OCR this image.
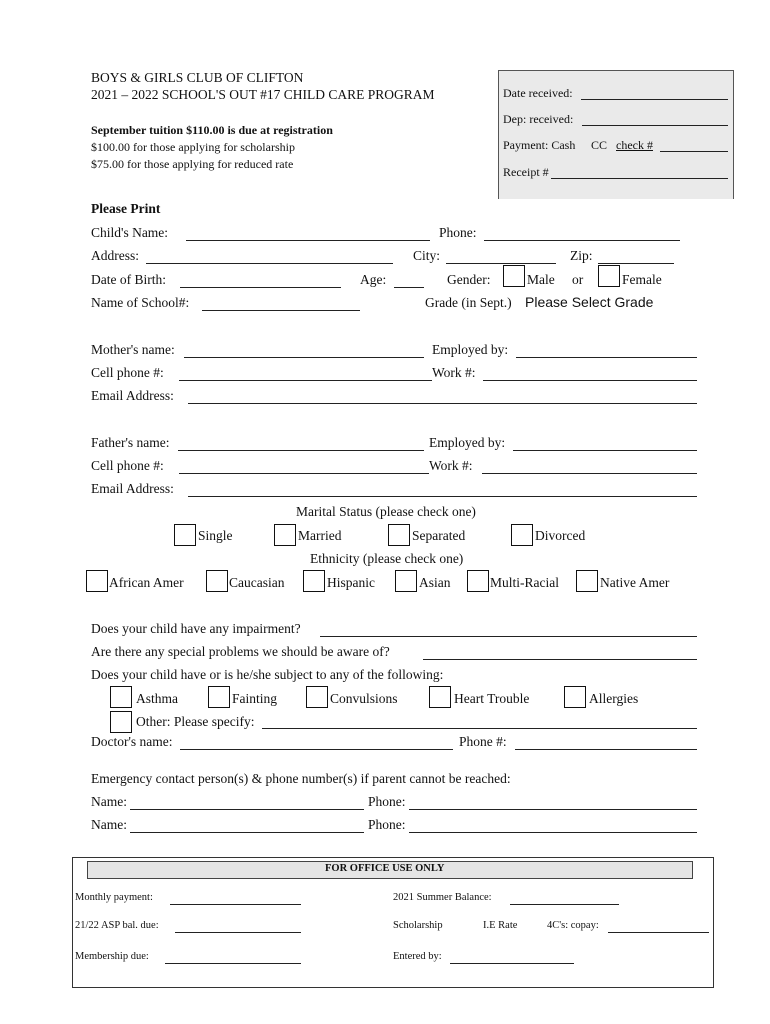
BOYS & GIRLS CLUB OF CLIFTON
2021 – 2022 SCHOOL'S OUT #17 CHILD CARE PROGRAM
September tuition $110.00 is due at registration
$100.00 for those applying for scholarship
$75.00 for those applying for reduced rate
Date received:
Dep: received:
Payment: Cash CC check #
Receipt #
Please Print
Child's Name:	Phone:
Address:	City:	Zip:
Date of Birth:	Age:	Gender:	Male or	Female
Name of School#:	Grade (in Sept.) Please Select Grade
Mother's name:	Employed by:
Cell phone #:	Work #:
Email Address:
Father's name:	Employed by:
Cell phone #:	Work #:
Email Address:
Marital Status (please check one)
Single	Married	Separated	Divorced
Ethnicity (please check one)
African Amer	Caucasian	Hispanic	Asian	Multi-Racial	Native Amer
Does your child have any impairment?
Are there any special problems we should be aware of?
Does your child have or is he/she subject to any of the following:
Asthma	Fainting	Convulsions	Heart Trouble	Allergies
Other: Please specify:
Doctor's name:	Phone #:
Emergency contact person(s) & phone number(s) if parent cannot be reached:
Name:	Phone:
Name:	Phone:
FOR OFFICE USE ONLY
Monthly payment:	2021 Summer Balance:
21/22 ASP bal. due:	Scholarship	I.E Rate	4C's: copay:
Membership due:	Entered by:
